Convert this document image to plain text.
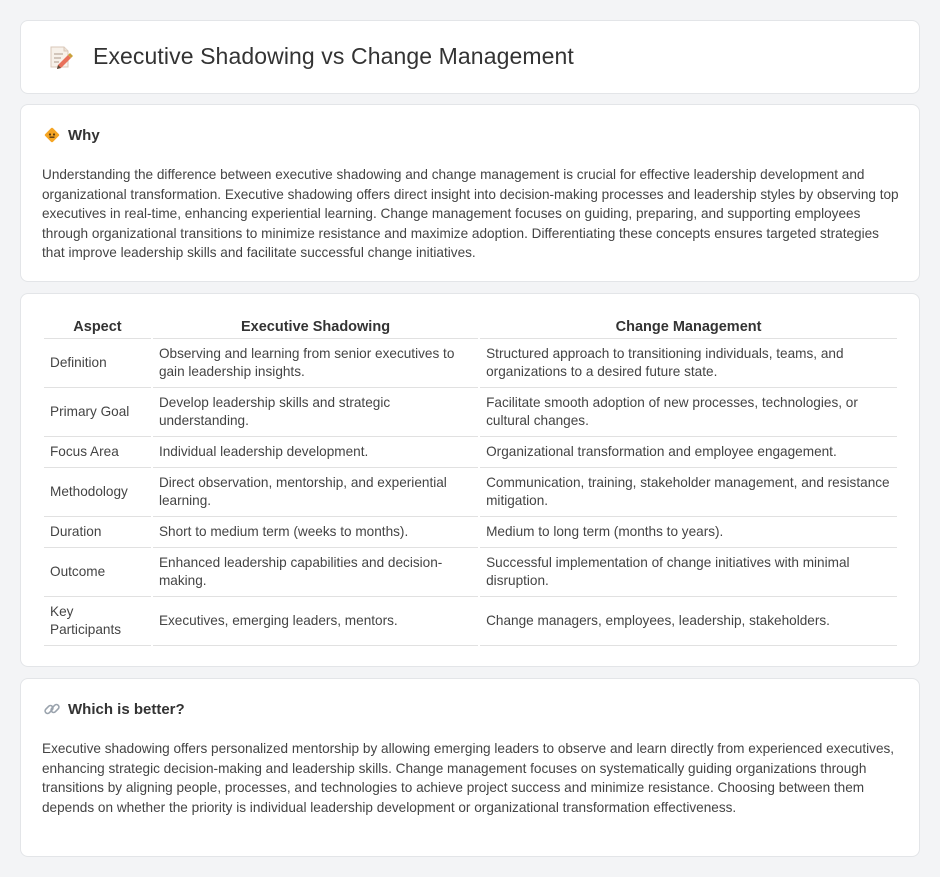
Executive Shadowing vs Change Management
Why

Understanding the difference between executive shadowing and change management is crucial for effective leadership development and organizational transformation. Executive shadowing offers direct insight into decision-making processes and leadership styles by observing top executives in real-time, enhancing experiential learning. Change management focuses on guiding, preparing, and supporting employees through organizational transitions to minimize resistance and maximize adoption. Differentiating these concepts ensures targeted strategies that improve leadership skills and facilitate successful change initiatives.

Aspect	Executive Shadowing	Change Management
Definition	Observing and learning from senior executives to gain leadership insights.	Structured approach to transitioning individuals, teams, and organizations to a desired future state.
Primary Goal	Develop leadership skills and strategic understanding.	Facilitate smooth adoption of new processes, technologies, or cultural changes.
Focus Area	Individual leadership development.	Organizational transformation and employee engagement.
Methodology	Direct observation, mentorship, and experiential learning.	Communication, training, stakeholder management, and resistance mitigation.
Duration	Short to medium term (weeks to months).	Medium to long term (months to years).
Outcome	Enhanced leadership capabilities and decision-making.	Successful implementation of change initiatives with minimal disruption.
Key Participants	Executives, emerging leaders, mentors.	Change managers, employees, leadership, stakeholders.
Which is better?

Executive shadowing offers personalized mentorship by allowing emerging leaders to observe and learn directly from experienced executives, enhancing strategic decision-making and leadership skills. Change management focuses on systematically guiding organizations through transitions by aligning people, processes, and technologies to achieve project success and minimize resistance. Choosing between them depends on whether the priority is individual leadership development or organizational transformation effectiveness.
